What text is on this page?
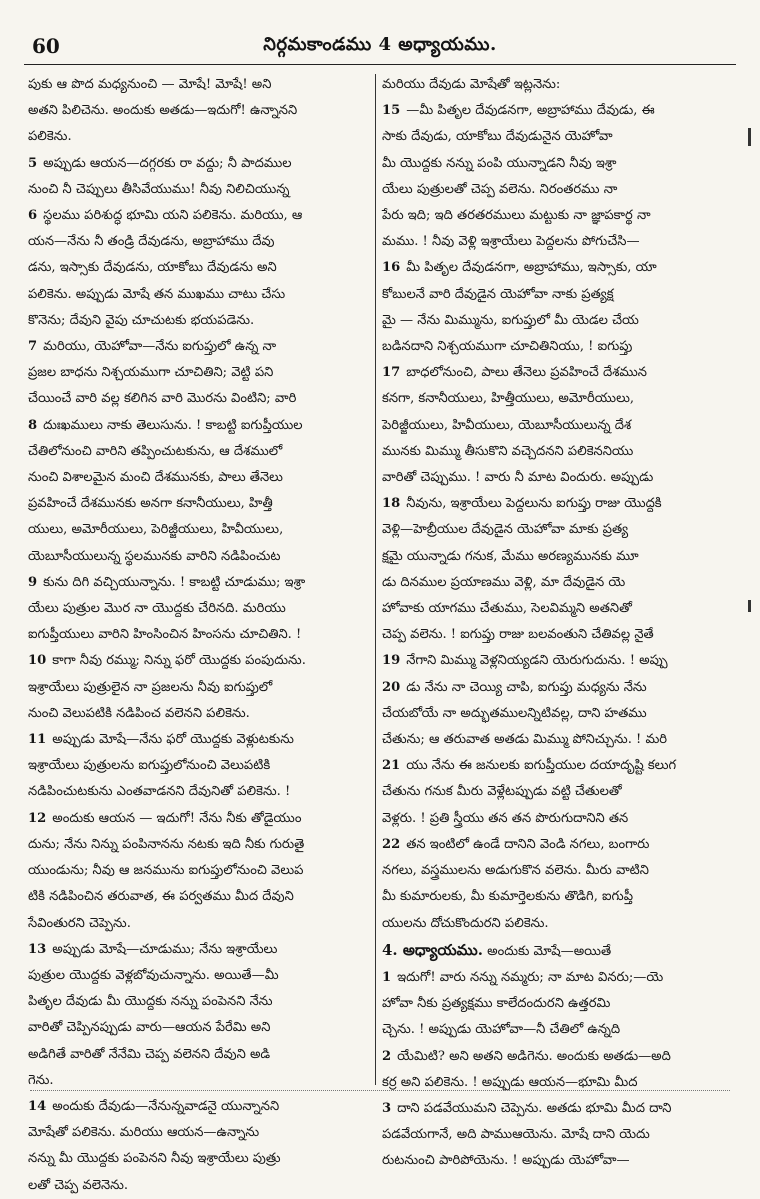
60	నిర్గమకాండము 4 అధ్యాయము.
పుకు ఆ పొద మధ్యనుంచి — మోషే! మోషే! అని
అతని పిలిచెను. అందుకు అతడు—ఇదుగో! ఉన్నానని
పలికెను.
5 అప్పుడు ఆయన—దగ్గరకు రా వద్దు; నీ పాదముల
నుంచి నీ చెప్పులు తీసివేయుము! నీవు నిలిచియున్న
6 స్థలము పరిశుద్ధ భూమి యని పలికెను. మరియు, ఆ
యన—నేను నీ తండ్రి దేవుడను, అబ్రాహాము దేవు
డను, ఇస్సాకు దేవుడను, యాకోబు దేవుడను అని
పలికెను. అప్పుడు మోషే తన ముఖము చాటు చేసు
కొనెను; దేవుని వైపు చూచుటకు భయపడెను.
7 మరియు, యెహోవా—నేను ఐగుప్తులో ఉన్న నా
ప్రజల బాధను నిశ్చయముగా చూచితిని; వెట్టి పని
చేయించే వారి వల్ల కలిగిన వారి మొరను వింటిని; వారి
8 దుఃఖములు నాకు తెలుసును. ! కాబట్టి ఐగుప్తీయుల
చేతిలోనుంచి వారిని తప్పించుటకును, ఆ దేశములో
నుంచి విశాలమైన మంచి దేశమునకు, పాలు తేనెలు
ప్రవహించే దేశమునకు అనగా కనానీయులు, హిత్తీ
యులు, అమోరీయులు, పెరిజ్జీయులు, హివీయులు,
యెబూసీయులున్న స్థలమునకు వారిని నడిపించుట
9 కును దిగి వచ్చియున్నాను. ! కాబట్టి చూడుము; ఇశ్రా
యేలు పుత్రుల మొర నా యొద్దకు చేరినది. మరియు
ఐగుప్తీయులు వారిని హింసించిన హింసను చూచితిని. !
10 కాగా నీవు రమ్ము; నిన్ను ఫరో యొద్దకు పంపుదును.
ఇశ్రాయేలు పుత్రులైన నా ప్రజలను నీవు ఐగుప్తులో
నుంచి వెలుపటికి నడిపించ వలెనని పలికెను.
11 అప్పుడు మోషే—నేను ఫరో యొద్దకు వెళ్లుటకును
ఇశ్రాయేలు పుత్రులను ఐగుప్తులోనుంచి వెలుపటికి
నడిపించుటకును ఎంతవాడనని దేవునితో పలికెను. !
12 అందుకు ఆయన — ఇదుగో! నేను నీకు తోడైయుం
దును; నేను నిన్ను పంపినానను నటకు ఇది నీకు గురుతై
యుండును; నీవు ఆ జనమును ఐగుప్తులోనుంచి వెలుప
టికి నడిపించిన తరువాత, ఈ పర్వతము మీద దేవుని
సేవింతురని చెప్పెను.
13 అప్పుడు మోషే—చూడుము; నేను ఇశ్రాయేలు
పుత్రుల యొద్దకు వెళ్లబోవుచున్నాను. అయితే—మీ
పితృల దేవుడు మీ యొద్దకు నన్ను పంపెనని నేను
వారితో చెప్పినప్పుడు వారు—ఆయన పేరేమి అని
అడిగితే వారితో నేనేమి చెప్ప వలెనని దేవుని అడి
గెను.
14 అందుకు దేవుడు—నేనున్నవాడనై యున్నానని
మోషేతో పలికెను. మరియు ఆయన—ఉన్నాను
నన్ను మీ యొద్దకు పంపెనని నీవు ఇశ్రాయేలు పుత్రు
లతో చెప్ప వలెనెను.
మరియు దేవుడు మోషేతో ఇట్లనెను:
15 —మీ పితృల దేవుడనగా, అబ్రాహాము దేవుడు, ఈ
సాకు దేవుడు, యాకోబు దేవుడునైన యెహోవా
మీ యొద్దకు నన్ను పంపి యున్నాడని నీవు ఇశ్రా
యేలు పుత్రులతో చెప్ప వలెను. నిరంతరము నా
పేరు ఇది; ఇది తరతరములు మట్టుకు నా జ్ఞాపకార్థ నా
మము. ! నీవు వెళ్లి ఇశ్రాయేలు పెద్దలను పోగుచేసి—
16 మీ పితృల దేవుడనగా, అబ్రాహాము, ఇస్సాకు, యా
కోబులనే వారి దేవుడైన యెహోవా నాకు ప్రత్యక్ష
మై — నేను మిమ్మును, ఐగుప్తులో మీ యెడల చేయ
బడినదాని నిశ్చయముగా చూచితినియు, ! ఐగుప్తు
17 బాధలోనుంచి, పాలు తేనెలు ప్రవహించే దేశమున
కనగా, కనానీయులు, హిత్తీయులు, అమోరీయులు,
పెరిజ్జీయులు, హివీయులు, యెబూసీయులున్న దేశ
మునకు మిమ్ము తీసుకొని వచ్చెదనని పలికెననియు
వారితో చెప్పుము. ! వారు నీ మాట విందురు. అప్పుడు
18 నీవును, ఇశ్రాయేలు పెద్దలును ఐగుప్తు రాజు యొద్దకి
వెళ్లి—హెబ్రీయుల దేవుడైన యెహోవా మాకు ప్రత్య
క్షమై యున్నాడు గనుక, మేము అరణ్యమునకు మూ
డు దినముల ప్రయాణము వెళ్లి, మా దేవుడైన యె
హోవాకు యాగము చేతుము, సెలవిమ్మని అతనితో
చెప్ప వలెను. ! ఐగుప్తు రాజు బలవంతుని చేతివల్ల నైతే
19 నేగాని మిమ్ము వెళ్లనియ్యడని యెరుగుదును. ! అప్పు
20 డు నేను నా చెయ్యి చాపి, ఐగుప్తు మధ్యను నేను
చేయబోయే నా అద్భుతములన్నిటివల్ల, దాని హతము
చేతును; ఆ తరువాత అతడు మిమ్ము పోనిచ్చును. ! మరి
21 యు నేను ఈ జనులకు ఐగుప్తీయుల దయాదృష్టి కలుగ
చేతును గనుక మీరు వెళ్లేటప్పుడు వట్టి చేతులతో
వెళ్లరు. ! ప్రతి స్త్రీయు తన తన పొరుగుదానిని తన
22 తన ఇంటిలో ఉండే దానిని వెండి నగలు, బంగారు
నగలు, వస్త్రములను అడుగుకొన వలెను. మీరు వాటిని
మీ కుమారులకు, మీ కుమార్తెలకును తొడిగి, ఐగుప్తీ
యులను దోచుకొందురని పలికెను.
4. అధ్యాయము. అందుకు మోషే—అయితే
1 ఇదుగో! వారు నన్ను నమ్మరు; నా మాట వినరు;—యె
హోవా నీకు ప్రత్యక్షము కాలేదందురని ఉత్తరమి
చ్చెను. ! అప్పుడు యెహోవా—నీ చేతిలో ఉన్నది
2 యేమిటి? అని అతని అడిగెను. అందుకు అతడు—అది
కర్ర అని పలికెను. ! అప్పుడు ఆయన—భూమి మీద
3 దాని పడవేయుమని చెప్పెను. అతడు భూమి మీద దాని
పడవేయగానే, అది పాముఆయెను. మోషే దాని యెదు
రుటనుంచి పారిపోయెను. ! అప్పుడు యెహోవా—
